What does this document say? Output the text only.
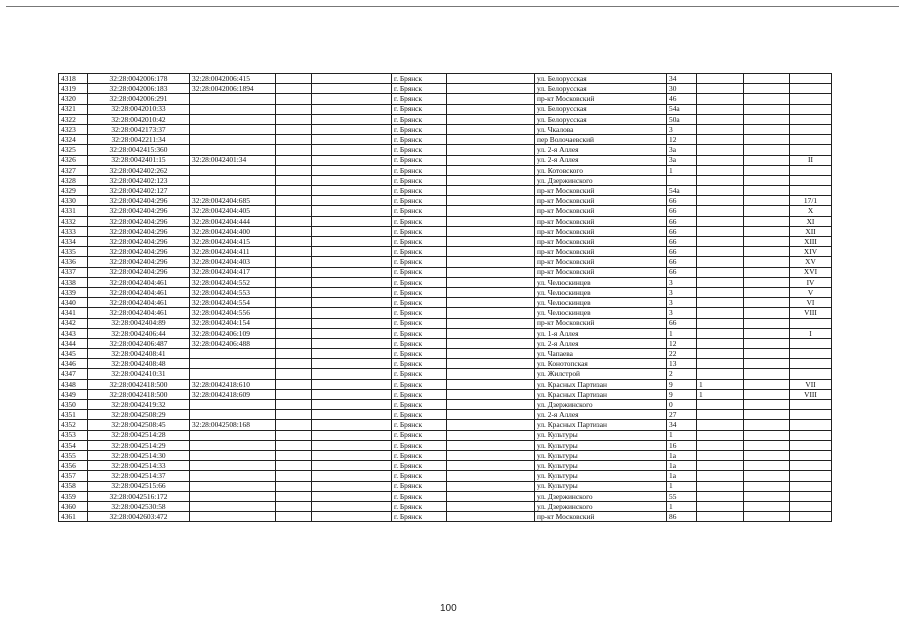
4318	32:28:0042006:178	32:28:0042006:415			г. Брянск		ул. Белорусская	34			
4319	32:28:0042006:183	32:28:0042006:1894			г. Брянск		ул. Белорусская	30			
4320	32:28:0042006:291				г. Брянск		пр-кт Московский	46			
4321	32:28:0042010:33				г. Брянск		ул. Белорусская	54а			
4322	32:28:0042010:42				г. Брянск		ул. Белорусская	50а			
4323	32:28:0042173:37				г. Брянск		ул. Чкалова	3			
4324	32:28:0042211:34				г. Брянск		пер Волочаевский	12			
4325	32:28:0042415:360				г. Брянск		ул. 2-я Аллея	3а			
4326	32:28:0042401:15	32:28:0042401:34			г. Брянск		ул. 2-я Аллея	3а			II
4327	32:28:0042402:262				г. Брянск		ул. Котовского	1			
4328	32:28:0042402:123				г. Брянск		ул. Дзержинского				
4329	32:28:0042402:127				г. Брянск		пр-кт Московский	54а			
4330	32:28:0042404:296	32:28:0042404:685			г. Брянск		пр-кт Московский	66			17/1
4331	32:28:0042404:296	32:28:0042404:405			г. Брянск		пр-кт Московский	66			X
4332	32:28:0042404:296	32:28:0042404:444			г. Брянск		пр-кт Московский	66			XI
4333	32:28:0042404:296	32:28:0042404:400			г. Брянск		пр-кт Московский	66			XII
4334	32:28:0042404:296	32:28:0042404:415			г. Брянск		пр-кт Московский	66			XIII
4335	32:28:0042404:296	32:28:0042404:411			г. Брянск		пр-кт Московский	66			XIV
4336	32:28:0042404:296	32:28:0042404:403			г. Брянск		пр-кт Московский	66			XV
4337	32:28:0042404:296	32:28:0042404:417			г. Брянск		пр-кт Московский	66			XVI
4338	32:28:0042404:461	32:28:0042404:552			г. Брянск		ул. Челюскинцев	3			IV
4339	32:28:0042404:461	32:28:0042404:553			г. Брянск		ул. Челюскинцев	3			V
4340	32:28:0042404:461	32:28:0042404:554			г. Брянск		ул. Челюскинцев	3			VI
4341	32:28:0042404:461	32:28:0042404:556			г. Брянск		ул. Челюскинцев	3			VIII
4342	32:28:0042404:89	32:28:0042404:154			г. Брянск		пр-кт Московский	66			
4343	32:28:0042406:44	32:28:0042406:109			г. Брянск		ул. 1-я Аллея	1			I
4344	32:28:0042406:487	32:28:0042406:488			г. Брянск		ул. 2-я Аллея	12			
4345	32:28:0042408:41				г. Брянск		ул. Чапаева	22			
4346	32:28:0042408:48				г. Брянск		ул. Конотопская	13			
4347	32:28:0042410:31				г. Брянск		ул. Жилстрой	2			
4348	32:28:0042418:500	32:28:0042418:610			г. Брянск		ул. Красных Партизан	9	1		VII
4349	32:28:0042418:500	32:28:0042418:609			г. Брянск		ул. Красных Партизан	9	1		VIII
4350	32:28:0042419:32				г. Брянск		ул. Дзержинского	0			
4351	32:28:0042508:29				г. Брянск		ул. 2-я Аллея	27			
4352	32:28:0042508:45	32:28:0042508:168			г. Брянск		ул. Красных Партизан	34			
4353	32:28:0042514:28				г. Брянск		ул. Культуры	1			
4354	32:28:0042514:29				г. Брянск		ул. Культуры	16			
4355	32:28:0042514:30				г. Брянск		ул. Культуры	1а			
4356	32:28:0042514:33				г. Брянск		ул. Культуры	1а			
4357	32:28:0042514:37				г. Брянск		ул. Культуры	1а			
4358	32:28:0042515:66				г. Брянск		ул. Культуры	1			
4359	32:28:0042516:172				г. Брянск		ул. Дзержинского	55			
4360	32:28:0042530:58				г. Брянск		ул. Дзержинского	1			
4361	32:28:0042603:472				г. Брянск		пр-кт Московский	86			
100
